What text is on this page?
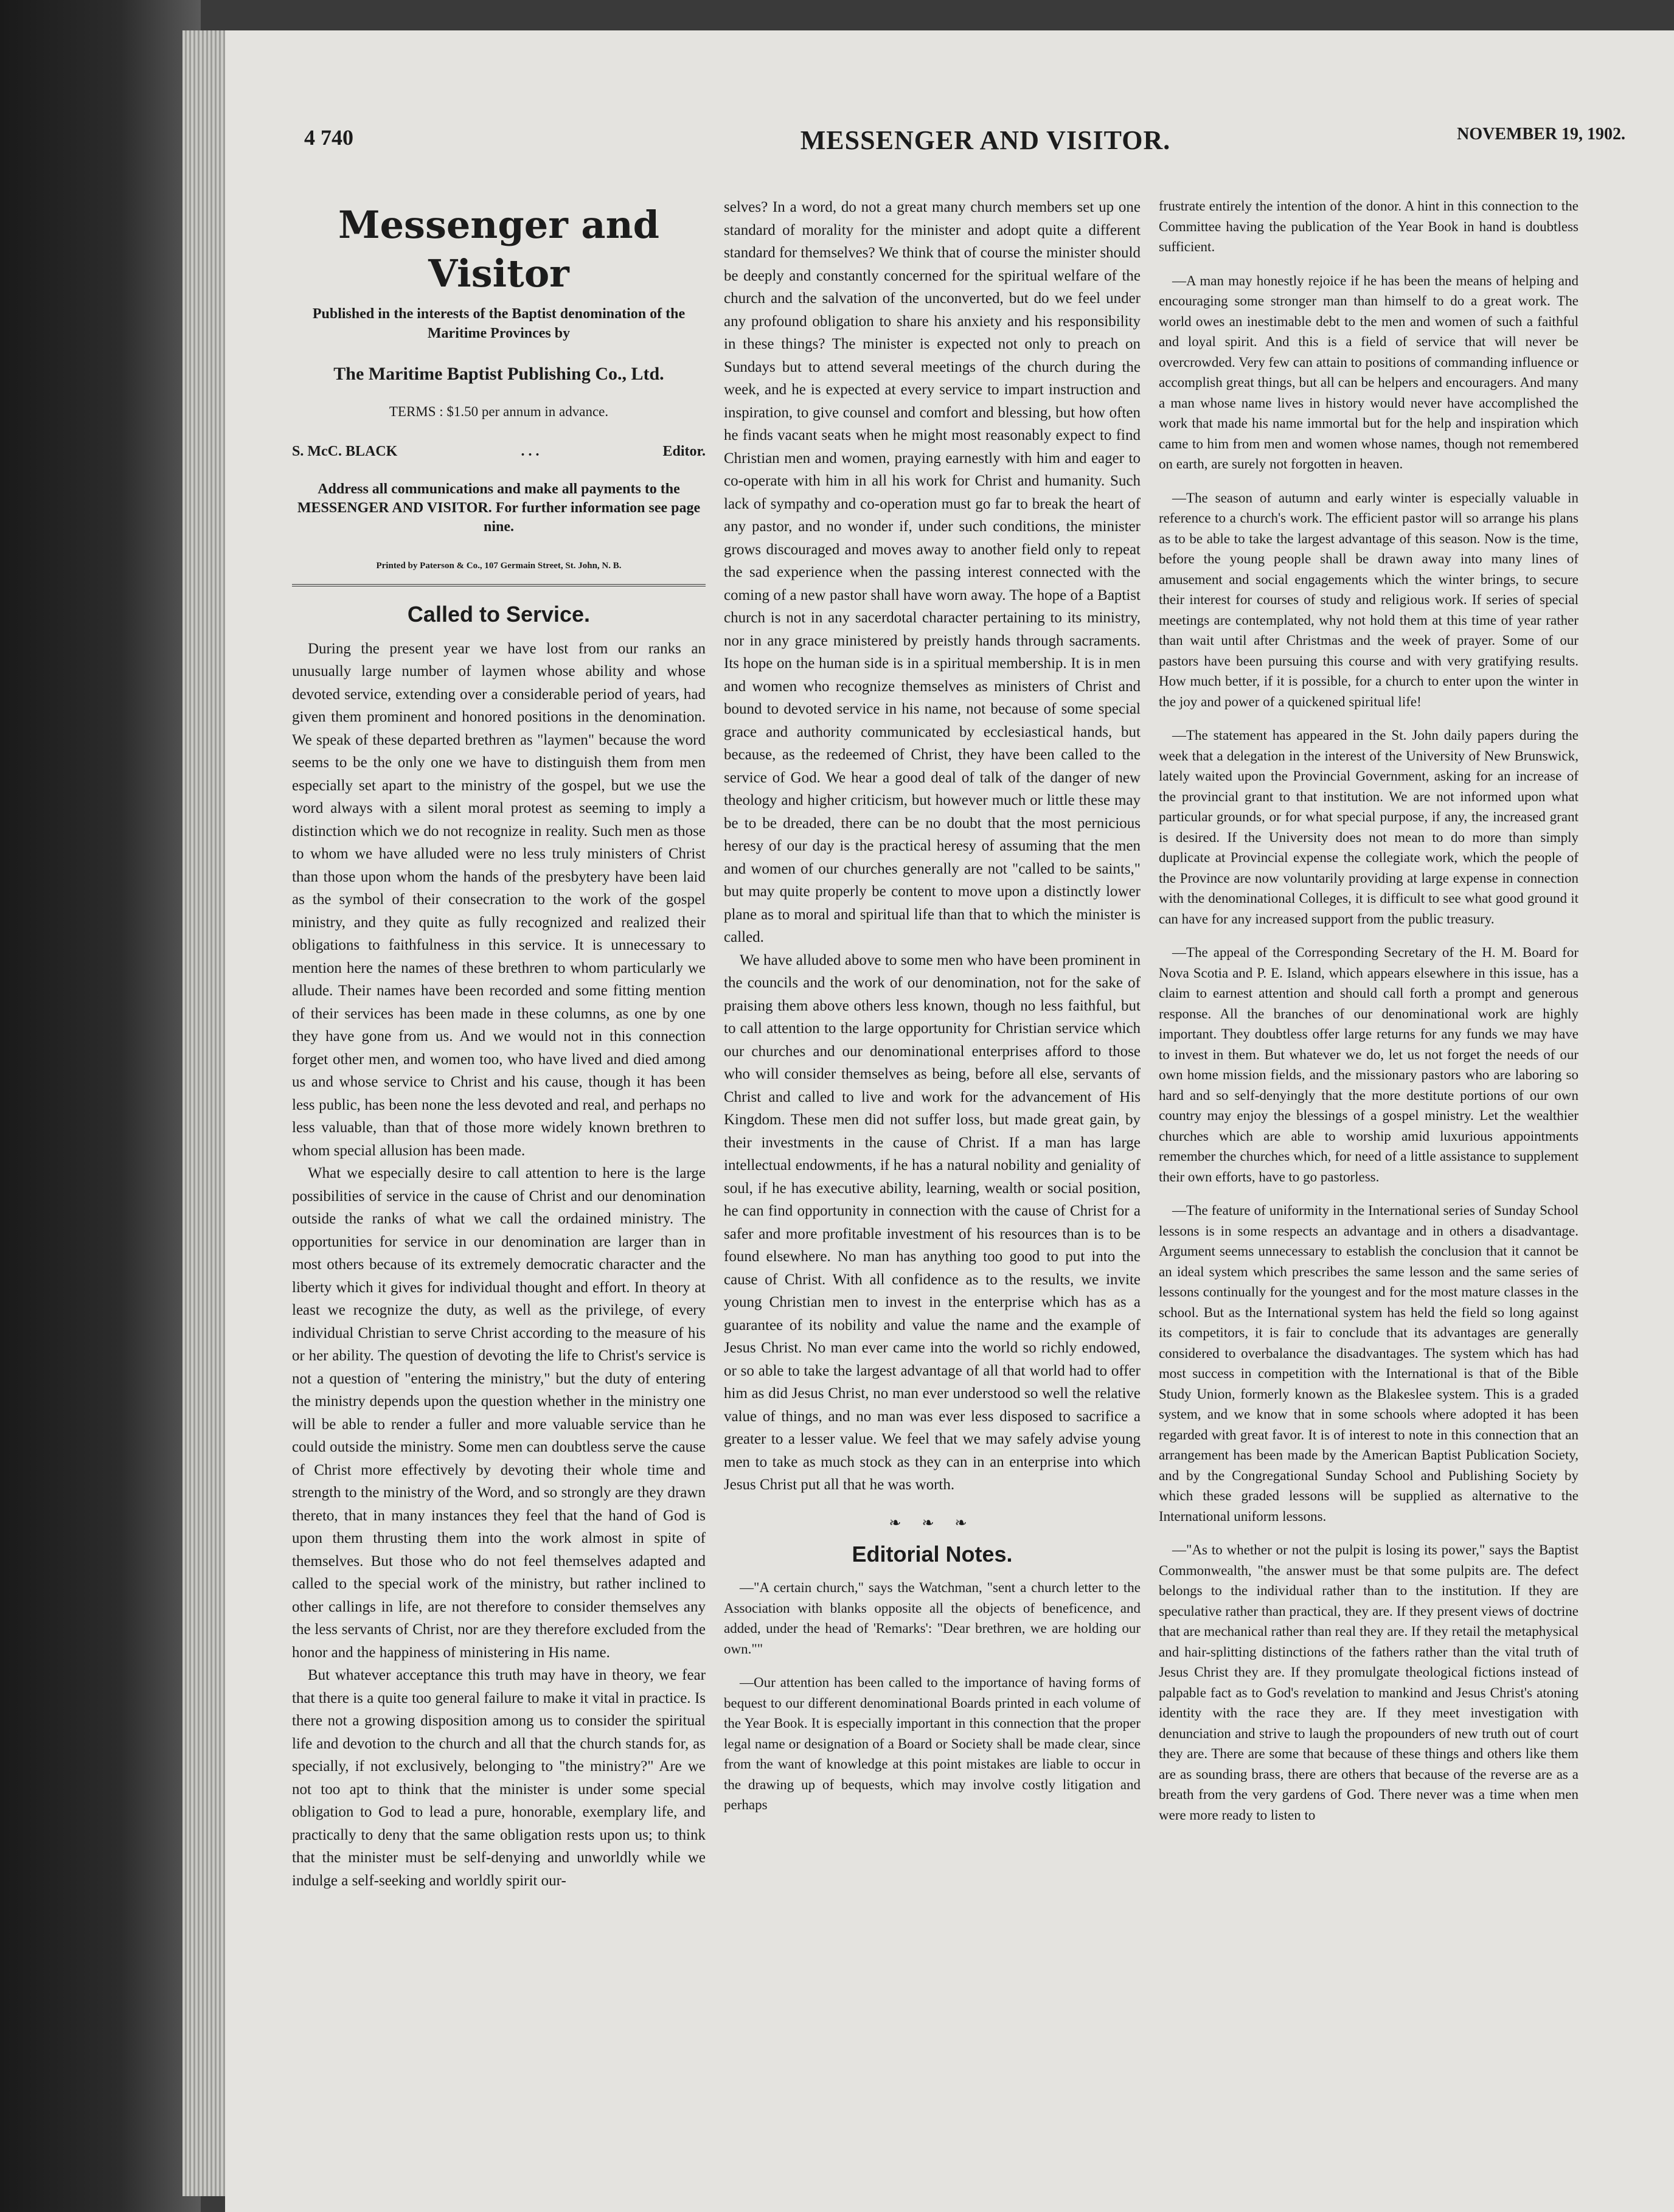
4 740	MESSENGER AND VISITOR.	NOVEMBER 19, 1902.
Messenger and Visitor
Published in the interests of the Baptist denomination of the Maritime Provinces by
The Maritime Baptist Publishing Co., Ltd.
TERMS : $1.50 per annum in advance.
S. McC. BLACK	. . .	Editor.
Address all communications and make all payments to the MESSENGER AND VISITOR. For further information see page nine.
Printed by Paterson & Co., 107 Germain Street, St. John, N. B.
Called to Service.

During the present year we have lost from our ranks an unusually large number of laymen whose ability and whose devoted service, extending over a considerable period of years, had given them prominent and honored positions in the denomination. We speak of these departed brethren as "laymen" because the word seems to be the only one we have to distinguish them from men especially set apart to the ministry of the gospel, but we use the word always with a silent moral protest as seeming to imply a distinction which we do not recognize in reality. Such men as those to whom we have alluded were no less truly ministers of Christ than those upon whom the hands of the presbytery have been laid as the symbol of their consecration to the work of the gospel ministry, and they quite as fully recognized and realized their obligations to faithfulness in this service. It is unnecessary to mention here the names of these brethren to whom particularly we allude. Their names have been recorded and some fitting mention of their services has been made in these columns, as one by one they have gone from us. And we would not in this connection forget other men, and women too, who have lived and died among us and whose service to Christ and his cause, though it has been less public, has been none the less devoted and real, and perhaps no less valuable, than that of those more widely known brethren to whom special allusion has been made.

What we especially desire to call attention to here is the large possibilities of service in the cause of Christ and our denomination outside the ranks of what we call the ordained ministry. The opportunities for service in our denomination are larger than in most others because of its extremely democratic character and the liberty which it gives for individual thought and effort. In theory at least we recognize the duty, as well as the privilege, of every individual Christian to serve Christ according to the measure of his or her ability. The question of devoting the life to Christ's service is not a question of "entering the ministry," but the duty of entering the ministry depends upon the question whether in the ministry one will be able to render a fuller and more valuable service than he could outside the ministry. Some men can doubtless serve the cause of Christ more effectively by devoting their whole time and strength to the ministry of the Word, and so strongly are they drawn thereto, that in many instances they feel that the hand of God is upon them thrusting them into the work almost in spite of themselves. But those who do not feel themselves adapted and called to the special work of the ministry, but rather inclined to other callings in life, are not therefore to consider themselves any the less servants of Christ, nor are they therefore excluded from the honor and the happiness of ministering in His name.

But whatever acceptance this truth may have in theory, we fear that there is a quite too general failure to make it vital in practice. Is there not a growing disposition among us to consider the spiritual life and devotion to the church and all that the church stands for, as specially, if not exclusively, belonging to "the ministry?" Are we not too apt to think that the minister is under some special obligation to God to lead a pure, honorable, exemplary life, and practically to deny that the same obligation rests upon us; to think that the minister must be self-denying and unworldly while we indulge a self-seeking and worldly spirit our-

selves? In a word, do not a great many church members set up one standard of morality for the minister and adopt quite a different standard for themselves? We think that of course the minister should be deeply and constantly concerned for the spiritual welfare of the church and the salvation of the unconverted, but do we feel under any profound obligation to share his anxiety and his responsibility in these things? The minister is expected not only to preach on Sundays but to attend several meetings of the church during the week, and he is expected at every service to impart instruction and inspiration, to give counsel and comfort and blessing, but how often he finds vacant seats when he might most reasonably expect to find Christian men and women, praying earnestly with him and eager to co-operate with him in all his work for Christ and humanity. Such lack of sympathy and co-operation must go far to break the heart of any pastor, and no wonder if, under such conditions, the minister grows discouraged and moves away to another field only to repeat the sad experience when the passing interest connected with the coming of a new pastor shall have worn away. The hope of a Baptist church is not in any sacerdotal character pertaining to its ministry, nor in any grace ministered by preistly hands through sacraments. Its hope on the human side is in a spiritual membership. It is in men and women who recognize themselves as ministers of Christ and bound to devoted service in his name, not because of some special grace and authority communicated by ecclesiastical hands, but because, as the redeemed of Christ, they have been called to the service of God. We hear a good deal of talk of the danger of new theology and higher criticism, but however much or little these may be to be dreaded, there can be no doubt that the most pernicious heresy of our day is the practical heresy of assuming that the men and women of our churches generally are not "called to be saints," but may quite properly be content to move upon a distinctly lower plane as to moral and spiritual life than that to which the minister is called.

We have alluded above to some men who have been prominent in the councils and the work of our denomination, not for the sake of praising them above others less known, though no less faithful, but to call attention to the large opportunity for Christian service which our churches and our denominational enterprises afford to those who will consider themselves as being, before all else, servants of Christ and called to live and work for the advancement of His Kingdom. These men did not suffer loss, but made great gain, by their investments in the cause of Christ. If a man has large intellectual endowments, if he has a natural nobility and geniality of soul, if he has executive ability, learning, wealth or social position, he can find opportunity in connection with the cause of Christ for a safer and more profitable investment of his resources than is to be found elsewhere. No man has anything too good to put into the cause of Christ. With all confidence as to the results, we invite young Christian men to invest in the enterprise which has as a guarantee of its nobility and value the name and the example of Jesus Christ. No man ever came into the world so richly endowed, or so able to take the largest advantage of all that world had to offer him as did Jesus Christ, no man ever understood so well the relative value of things, and no man was ever less disposed to sacrifice a greater to a lesser value. We feel that we may safely advise young men to take as much stock as they can in an enterprise into which Jesus Christ put all that he was worth.

❧ ❧ ❧
Editorial Notes.

—"A certain church," says the Watchman, "sent a church letter to the Association with blanks opposite all the objects of beneficence, and added, under the head of 'Remarks': "Dear brethren, we are holding our own.""

—Our attention has been called to the importance of having forms of bequest to our different denominational Boards printed in each volume of the Year Book. It is especially important in this connection that the proper legal name or designation of a Board or Society shall be made clear, since from the want of knowledge at this point mistakes are liable to occur in the drawing up of bequests, which may involve costly litigation and perhaps

frustrate entirely the intention of the donor. A hint in this connection to the Committee having the publication of the Year Book in hand is doubtless sufficient.

—A man may honestly rejoice if he has been the means of helping and encouraging some stronger man than himself to do a great work. The world owes an inestimable debt to the men and women of such a faithful and loyal spirit. And this is a field of service that will never be overcrowded. Very few can attain to positions of commanding influence or accomplish great things, but all can be helpers and encouragers. And many a man whose name lives in history would never have accomplished the work that made his name immortal but for the help and inspiration which came to him from men and women whose names, though not remembered on earth, are surely not forgotten in heaven.

—The season of autumn and early winter is especially valuable in reference to a church's work. The efficient pastor will so arrange his plans as to be able to take the largest advantage of this season. Now is the time, before the young people shall be drawn away into many lines of amusement and social engagements which the winter brings, to secure their interest for courses of study and religious work. If series of special meetings are contemplated, why not hold them at this time of year rather than wait until after Christmas and the week of prayer. Some of our pastors have been pursuing this course and with very gratifying results. How much better, if it is possible, for a church to enter upon the winter in the joy and power of a quickened spiritual life!

—The statement has appeared in the St. John daily papers during the week that a delegation in the interest of the University of New Brunswick, lately waited upon the Provincial Government, asking for an increase of the provincial grant to that institution. We are not informed upon what particular grounds, or for what special purpose, if any, the increased grant is desired. If the University does not mean to do more than simply duplicate at Provincial expense the collegiate work, which the people of the Province are now voluntarily providing at large expense in connection with the denominational Colleges, it is difficult to see what good ground it can have for any increased support from the public treasury.

—The appeal of the Corresponding Secretary of the H. M. Board for Nova Scotia and P. E. Island, which appears elsewhere in this issue, has a claim to earnest attention and should call forth a prompt and generous response. All the branches of our denominational work are highly important. They doubtless offer large returns for any funds we may have to invest in them. But whatever we do, let us not forget the needs of our own home mission fields, and the missionary pastors who are laboring so hard and so self-denyingly that the more destitute portions of our own country may enjoy the blessings of a gospel ministry. Let the wealthier churches which are able to worship amid luxurious appointments remember the churches which, for need of a little assistance to supplement their own efforts, have to go pastorless.

—The feature of uniformity in the International series of Sunday School lessons is in some respects an advantage and in others a disadvantage. Argument seems unnecessary to establish the conclusion that it cannot be an ideal system which prescribes the same lesson and the same series of lessons continually for the youngest and for the most mature classes in the school. But as the International system has held the field so long against its competitors, it is fair to conclude that its advantages are generally considered to overbalance the disadvantages. The system which has had most success in competition with the International is that of the Bible Study Union, formerly known as the Blakeslee system. This is a graded system, and we know that in some schools where adopted it has been regarded with great favor. It is of interest to note in this connection that an arrangement has been made by the American Baptist Publication Society, and by the Congregational Sunday School and Publishing Society by which these graded lessons will be supplied as alternative to the International uniform lessons.

—"As to whether or not the pulpit is losing its power," says the Baptist Commonwealth, "the answer must be that some pulpits are. The defect belongs to the individual rather than to the institution. If they are speculative rather than practical, they are. If they present views of doctrine that are mechanical rather than real they are. If they retail the metaphysical and hair-splitting distinctions of the fathers rather than the vital truth of Jesus Christ they are. If they promulgate theological fictions instead of palpable fact as to God's revelation to mankind and Jesus Christ's atoning identity with the race they are. If they meet investigation with denunciation and strive to laugh the propounders of new truth out of court they are. There are some that because of these things and others like them are as sounding brass, there are others that because of the reverse are as a breath from the very gardens of God. There never was a time when men were more ready to listen to
